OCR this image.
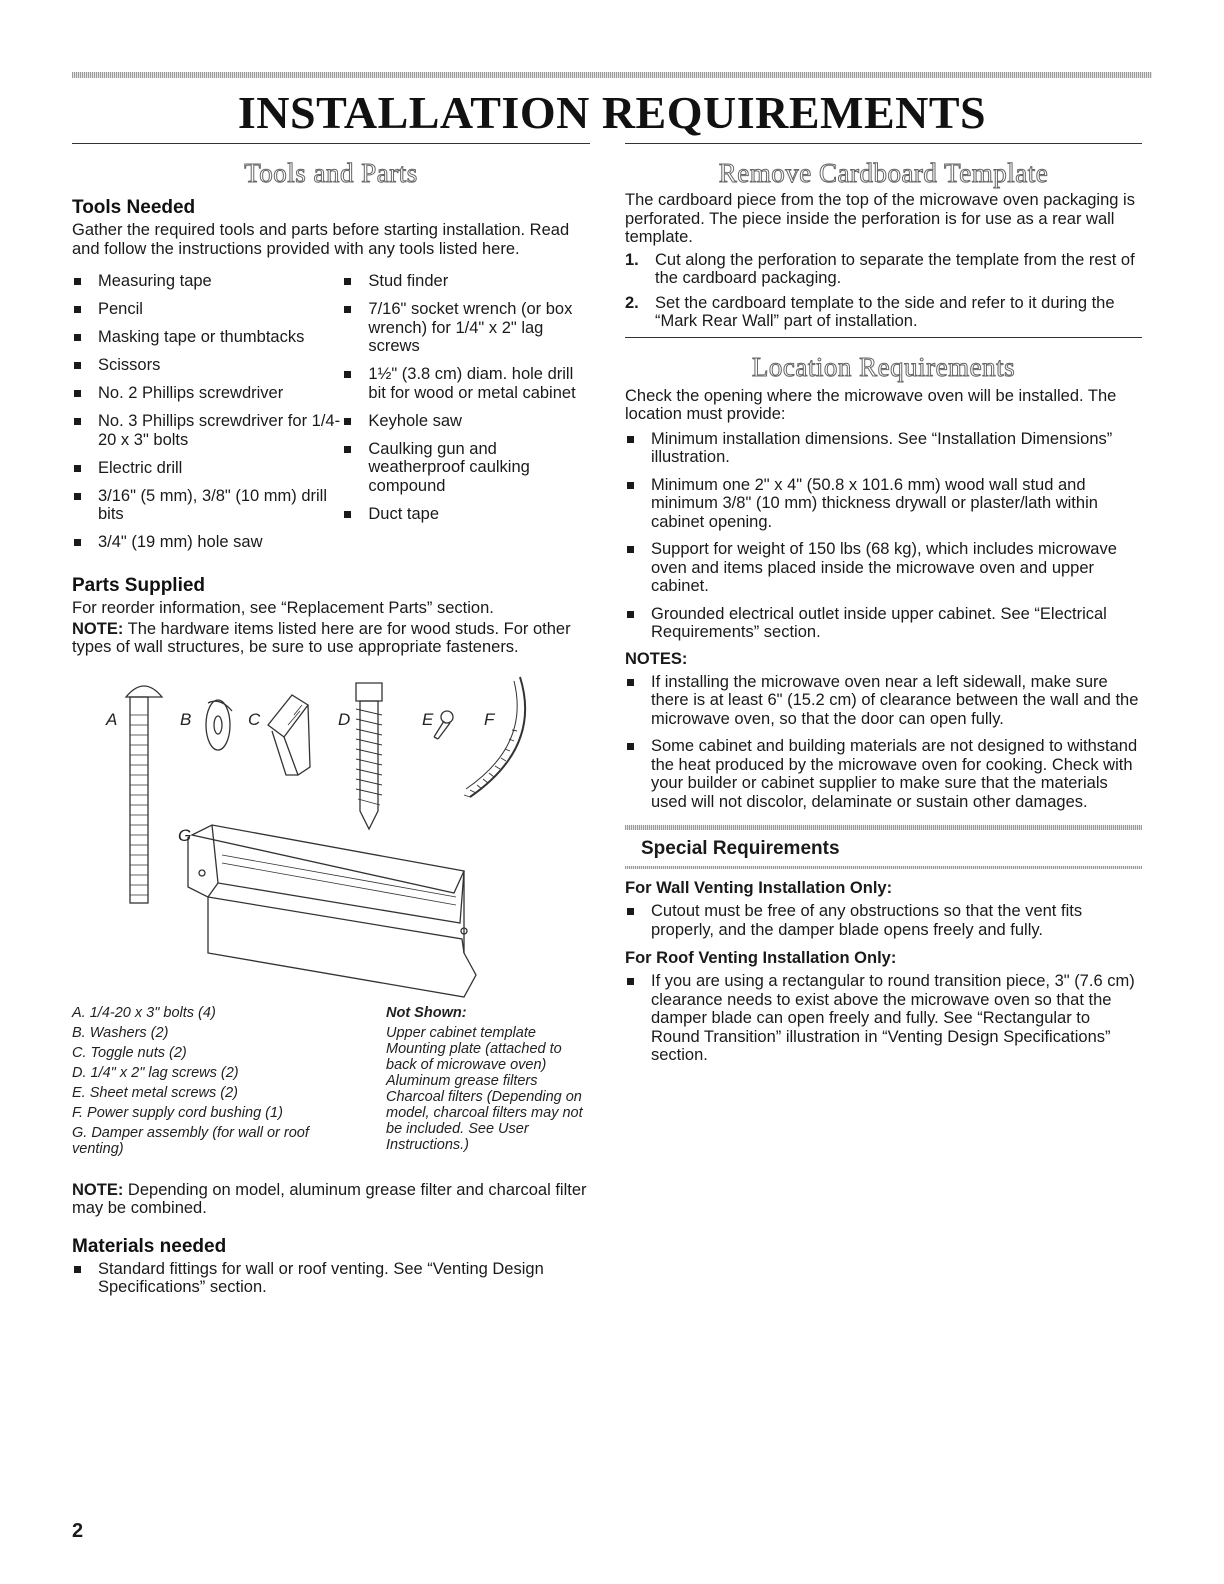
INSTALLATION REQUIREMENTS
Tools and Parts
Tools Needed

Gather the required tools and parts before starting installation. Read and follow the instructions provided with any tools listed here.

Measuring tape
Pencil
Masking tape or thumbtacks
Scissors
No. 2 Phillips screwdriver
No. 3 Phillips screwdriver for 1/4-20 x 3" bolts
Electric drill
3/16" (5 mm), 3/8" (10 mm) drill bits
3/4" (19 mm) hole saw
Stud finder
7/16" socket wrench (or box wrench) for 1/4" x 2" lag screws
1½" (3.8 cm) diam. hole drill bit for wood or metal cabinet
Keyhole saw
Caulking gun and weatherproof caulking compound
Duct tape
Parts Supplied

For reorder information, see “Replacement Parts” section.

NOTE: The hardware items listed here are for wood studs. For other types of wall structures, be sure to use appropriate fasteners.

A	B	C	D	E	F
G
A. 1/4-20 x 3" bolts (4)
B. Washers (2)
C. Toggle nuts (2)
D. 1/4" x 2" lag screws (2)
E. Sheet metal screws (2)
F. Power supply cord bushing (1)
G. Damper assembly (for wall or roof venting)
Not Shown:
Upper cabinet template
Mounting plate (attached to back of microwave oven)
Aluminum grease filters
Charcoal filters (Depending on model, charcoal filters may not be included. See User Instructions.)

NOTE: Depending on model, aluminum grease filter and charcoal filter may be combined.

Materials needed
Standard fittings for wall or roof venting. See “Venting Design Specifications” section.
Remove Cardboard Template

The cardboard piece from the top of the microwave oven packaging is perforated. The piece inside the perforation is for use as a rear wall template.

1. Cut along the perforation to separate the template from the rest of the cardboard packaging.
2. Set the cardboard template to the side and refer to it during the “Mark Rear Wall” part of installation.
Location Requirements

Check the opening where the microwave oven will be installed. The location must provide:

Minimum installation dimensions. See “Installation Dimensions” illustration.
Minimum one 2" x 4" (50.8 x 101.6 mm) wood wall stud and minimum 3/8" (10 mm) thickness drywall or plaster/lath within cabinet opening.
Support for weight of 150 lbs (68 kg), which includes microwave oven and items placed inside the microwave oven and upper cabinet.
Grounded electrical outlet inside upper cabinet. See “Electrical Requirements” section.
NOTES:
If installing the microwave oven near a left sidewall, make sure there is at least 6" (15.2 cm) of clearance between the wall and the microwave oven, so that the door can open fully.
Some cabinet and building materials are not designed to withstand the heat produced by the microwave oven for cooking. Check with your builder or cabinet supplier to make sure that the materials used will not discolor, delaminate or sustain other damages.
Special Requirements
For Wall Venting Installation Only:
Cutout must be free of any obstructions so that the vent fits properly, and the damper blade opens freely and fully.
For Roof Venting Installation Only:
If you are using a rectangular to round transition piece, 3" (7.6 cm) clearance needs to exist above the microwave oven so that the damper blade can open freely and fully. See “Rectangular to Round Transition” illustration in “Venting Design Specifications” section.
2
